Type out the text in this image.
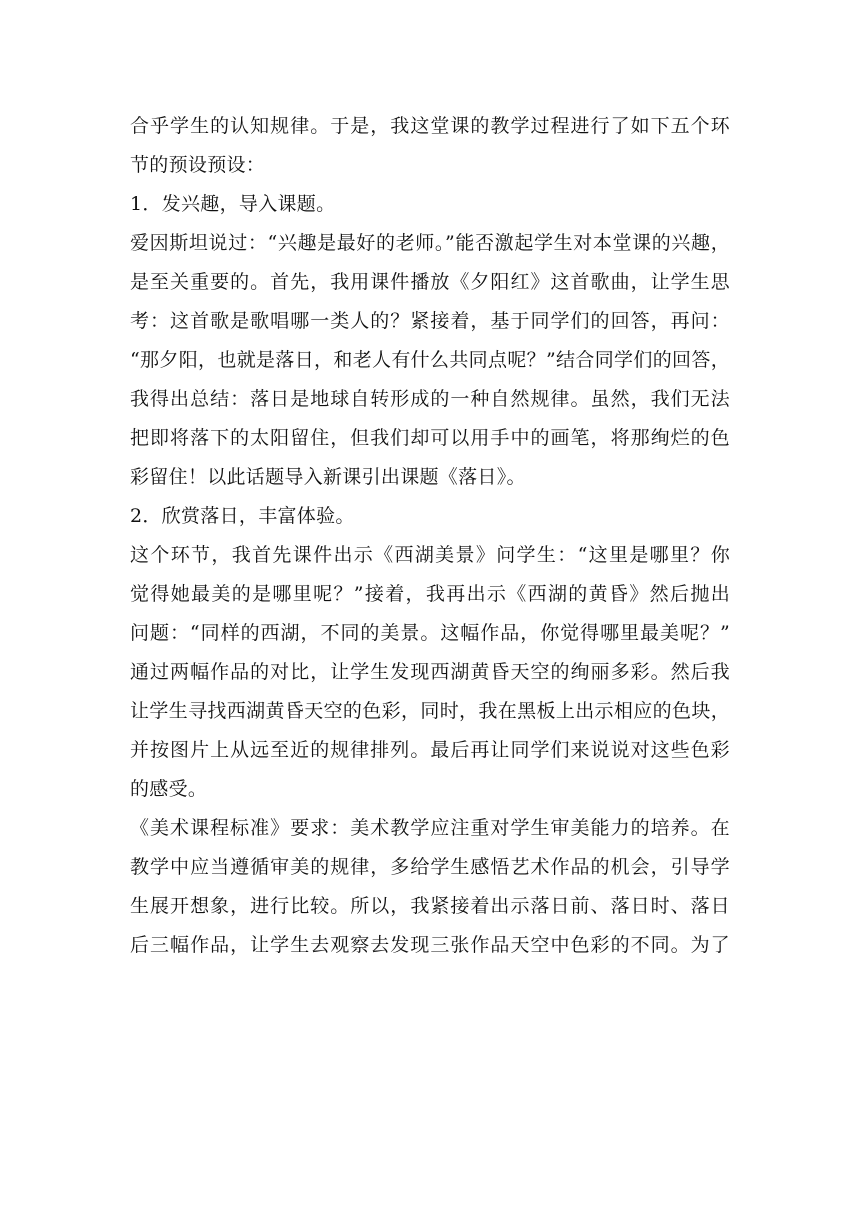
合乎学生的认知规律。于是，我这堂课的教学过程进行了如下五个环
节的预设预设：
1．发兴趣，导入课题。
爱因斯坦说过：“兴趣是最好的老师。”能否激起学生对本堂课的兴趣，
是至关重要的。首先，我用课件播放《夕阳红》这首歌曲，让学生思
考：这首歌是歌唱哪一类人的？紧接着，基于同学们的回答，再问：
“那夕阳，也就是落日，和老人有什么共同点呢？”结合同学们的回答，
我得出总结：落日是地球自转形成的一种自然规律。虽然，我们无法
把即将落下的太阳留住，但我们却可以用手中的画笔，将那绚烂的色
彩留住！以此话题导入新课引出课题《落日》。
2．欣赏落日，丰富体验。
这个环节，我首先课件出示《西湖美景》问学生：“这里是哪里？你
觉得她最美的是哪里呢？”接着，我再出示《西湖的黄昏》然后抛出
问题：“同样的西湖，不同的美景。这幅作品，你觉得哪里最美呢？”
通过两幅作品的对比，让学生发现西湖黄昏天空的绚丽多彩。然后我
让学生寻找西湖黄昏天空的色彩，同时，我在黑板上出示相应的色块，
并按图片上从远至近的规律排列。最后再让同学们来说说对这些色彩
的感受。
《美术课程标准》要求：美术教学应注重对学生审美能力的培养。在
教学中应当遵循审美的规律，多给学生感悟艺术作品的机会，引导学
生展开想象，进行比较。所以，我紧接着出示落日前、落日时、落日
后三幅作品，让学生去观察去发现三张作品天空中色彩的不同。为了
